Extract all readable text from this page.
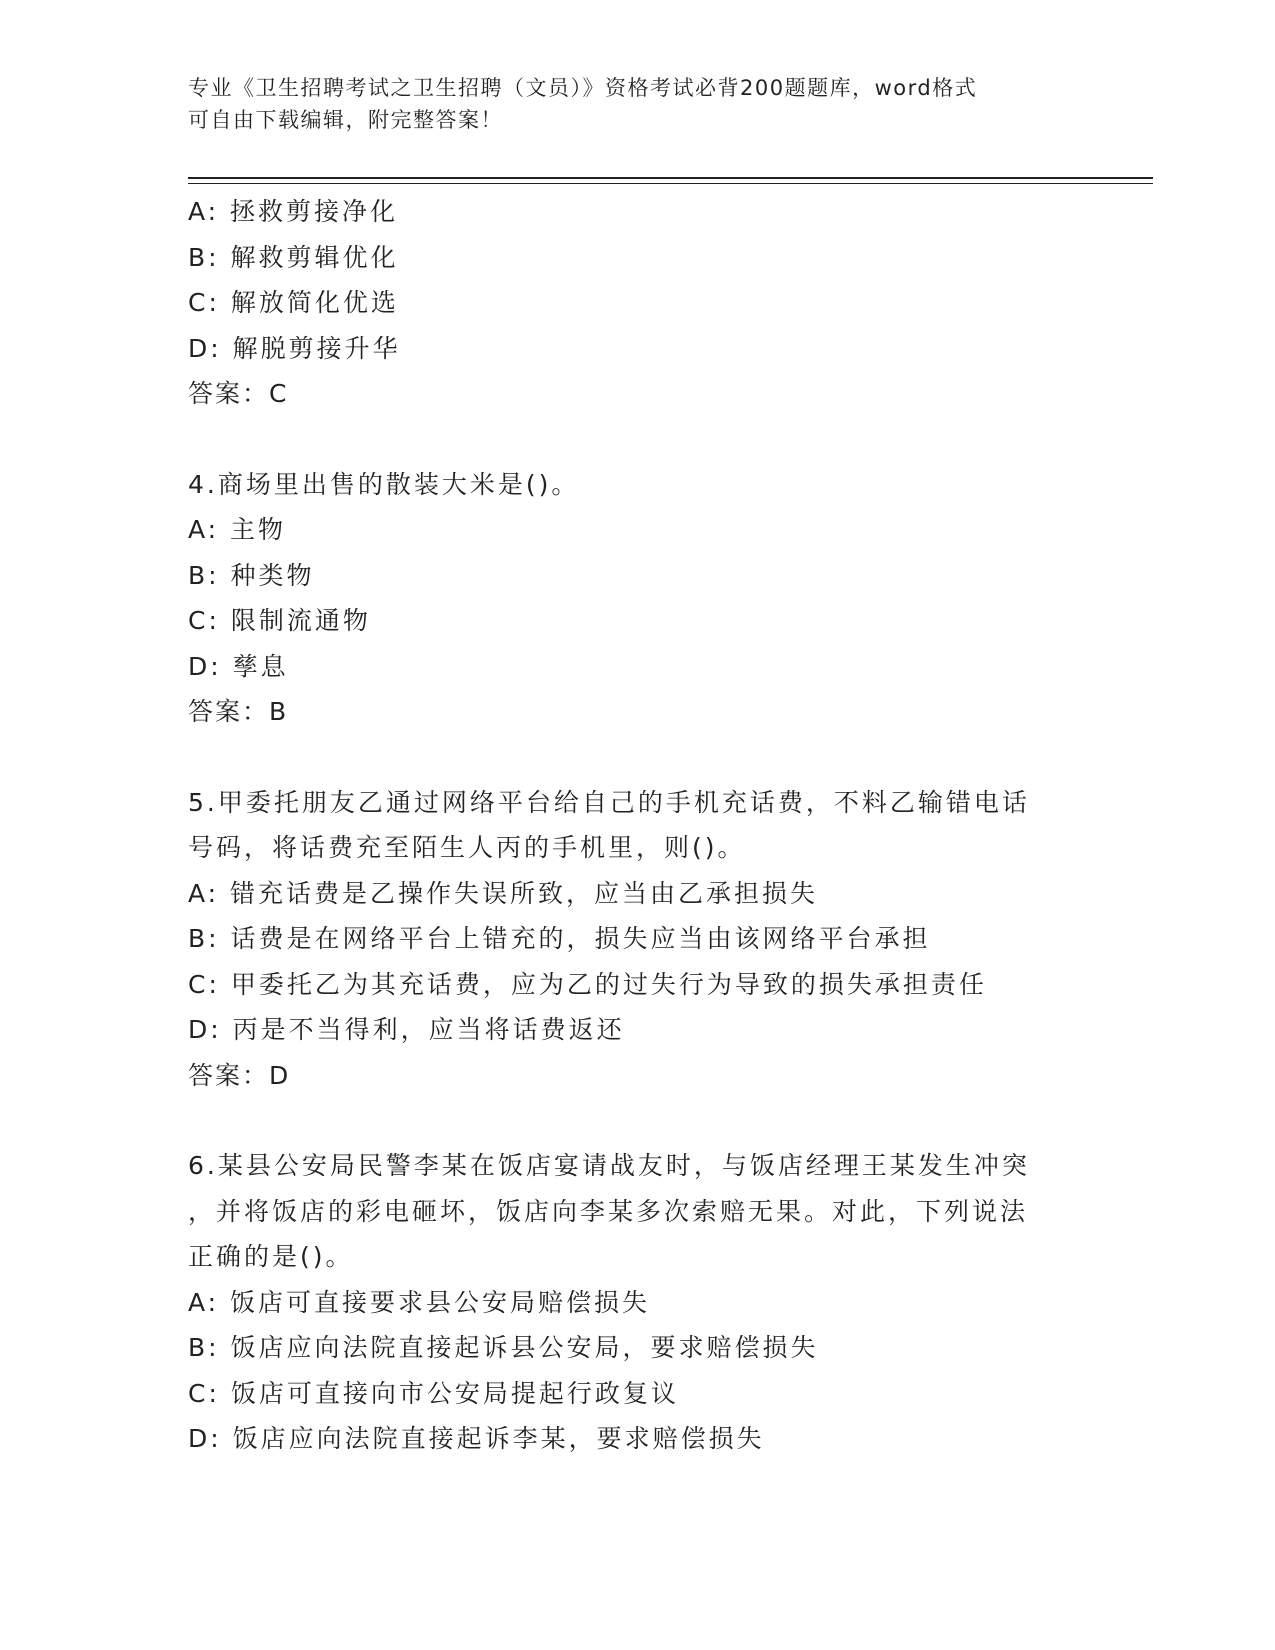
专业《卫生招聘考试之卫生招聘（文员）》资格考试必背200题题库，word格式
可自由下载编辑，附完整答案！
A: 拯救剪接净化
B: 解救剪辑优化
C: 解放简化优选
D: 解脱剪接升华
答案：C
4.商场里出售的散装大米是()。
A: 主物
B: 种类物
C: 限制流通物
D: 孳息
答案：B
5.甲委托朋友乙通过网络平台给自己的手机充话费，不料乙输错电话
号码，将话费充至陌生人丙的手机里，则()。
A: 错充话费是乙操作失误所致，应当由乙承担损失
B: 话费是在网络平台上错充的，损失应当由该网络平台承担
C: 甲委托乙为其充话费，应为乙的过失行为导致的损失承担责任
D: 丙是不当得利，应当将话费返还
答案：D
6.某县公安局民警李某在饭店宴请战友时，与饭店经理王某发生冲突
，并将饭店的彩电砸坏，饭店向李某多次索赔无果。对此，下列说法
正确的是()。
A: 饭店可直接要求县公安局赔偿损失
B: 饭店应向法院直接起诉县公安局，要求赔偿损失
C: 饭店可直接向市公安局提起行政复议
D: 饭店应向法院直接起诉李某，要求赔偿损失
